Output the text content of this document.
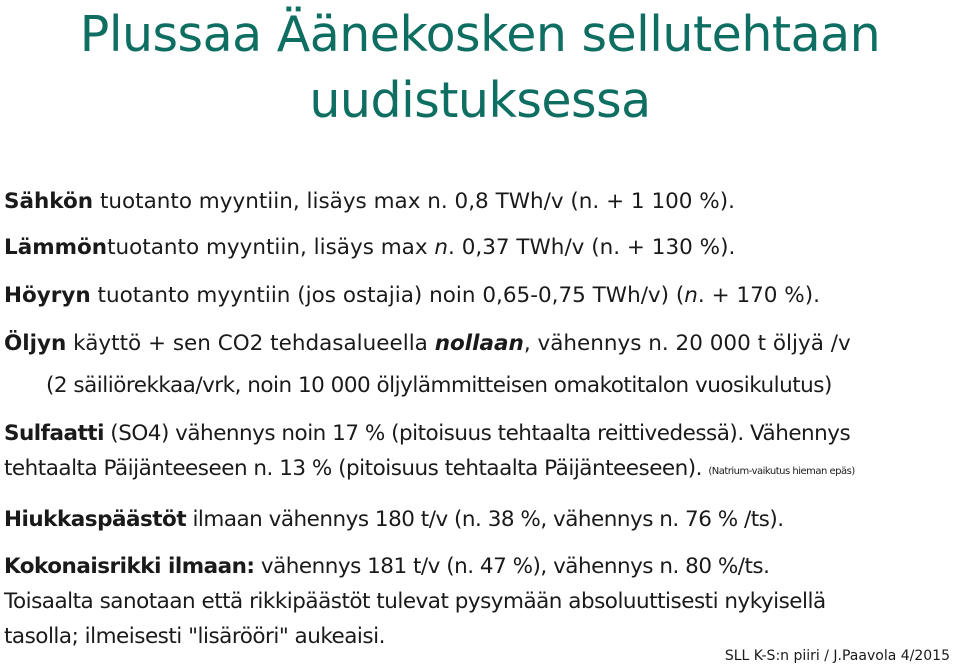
Plussaa Äänekosken sellutehtaan
uudistuksessa

Sähkön tuotanto myyntiin, lisäys max n. 0,8 TWh/v (n. + 1 100 %).

Lämmöntuotanto myyntiin, lisäys max n. 0,37 TWh/v (n. + 130 %).

Höyryn tuotanto myyntiin (jos ostajia) noin 0,65-0,75 TWh/v) (n. + 170 %).

Öljyn käyttö + sen CO2 tehdasalueella nollaan, vähennys n. 20 000 t öljyä /v

(2 säiliörekkaa/vrk, noin 10 000 öljylämmitteisen omakotitalon vuosikulutus)

Sulfaatti (SO4) vähennys noin 17 % (pitoisuus tehtaalta reittivedessä). Vähennys

tehtaalta Päijänteeseen n. 13 % (pitoisuus tehtaalta Päijänteeseen). (Natrium-vaikutus hieman epäs)

Hiukkaspäästöt ilmaan vähennys 180 t/v (n. 38 %, vähennys n. 76 % /ts).

Kokonaisrikki ilmaan: vähennys 181 t/v (n. 47 %), vähennys n. 80 %/ts.

Toisaalta sanotaan että rikkipäästöt tulevat pysymään absoluuttisesti nykyisellä

tasolla; ilmeisesti "lisärööri" aukeaisi.

SLL K-S:n piiri / J.Paavola 4/2015
